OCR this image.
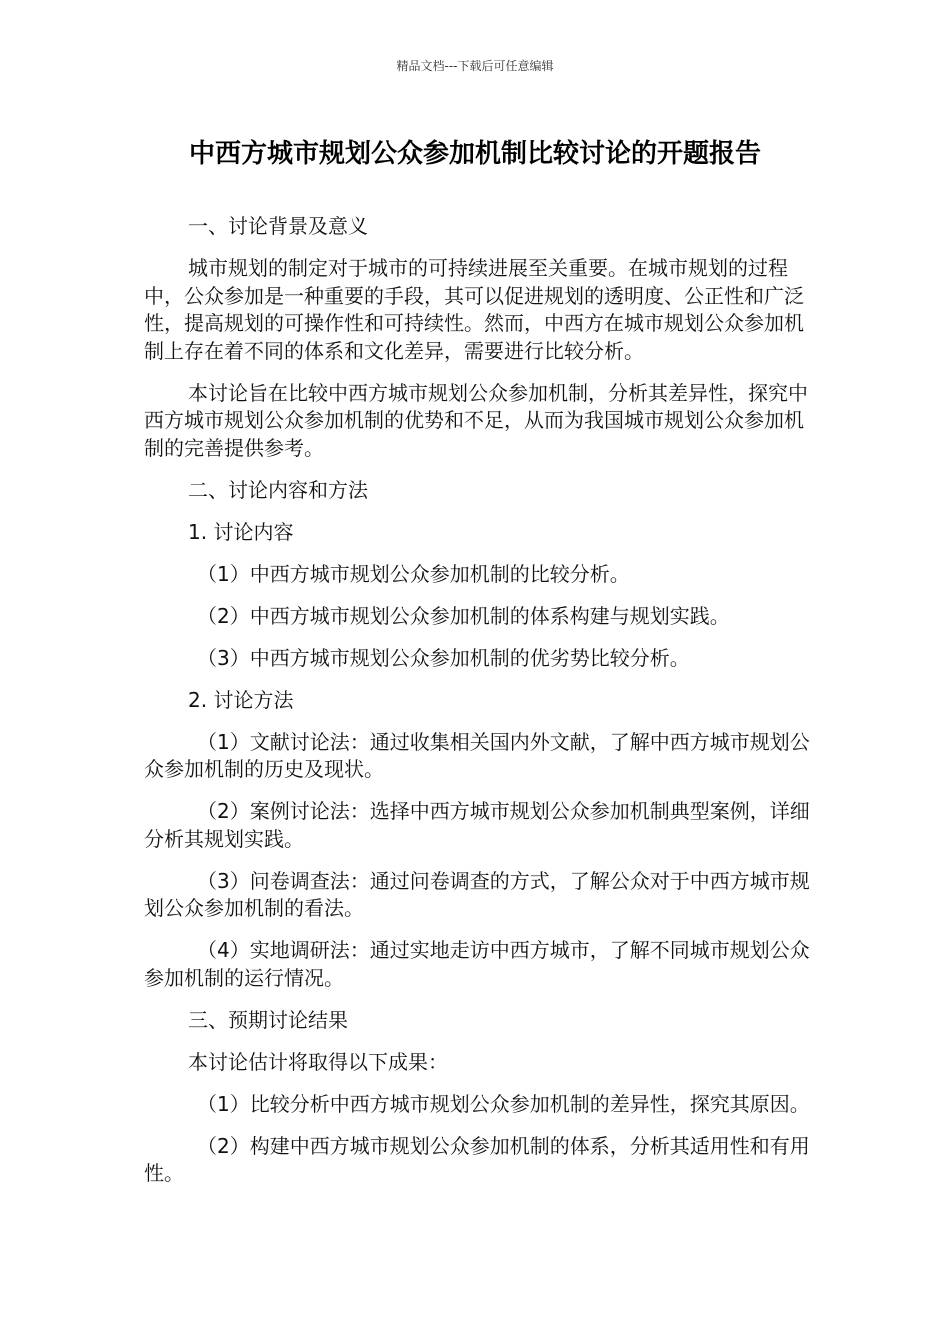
精品文档---下载后可任意编辑
中西方城市规划公众参加机制比较讨论的开题报告

一、讨论背景及意义

城市规划的制定对于城市的可持续进展至关重要。在城市规划的过程中，公众参加是一种重要的手段，其可以促进规划的透明度、公正性和广泛性，提高规划的可操作性和可持续性。然而，中西方在城市规划公众参加机制上存在着不同的体系和文化差异，需要进行比较分析。

本讨论旨在比较中西方城市规划公众参加机制，分析其差异性，探究中西方城市规划公众参加机制的优势和不足，从而为我国城市规划公众参加机制的完善提供参考。

二、讨论内容和方法

1. 讨论内容

（1）中西方城市规划公众参加机制的比较分析。

（2）中西方城市规划公众参加机制的体系构建与规划实践。

（3）中西方城市规划公众参加机制的优劣势比较分析。

2. 讨论方法

（1）文献讨论法：通过收集相关国内外文献，了解中西方城市规划公众参加机制的历史及现状。

（2）案例讨论法：选择中西方城市规划公众参加机制典型案例，详细分析其规划实践。

（3）问卷调查法：通过问卷调查的方式，了解公众对于中西方城市规划公众参加机制的看法。

（4）实地调研法：通过实地走访中西方城市，了解不同城市规划公众参加机制的运行情况。

三、预期讨论结果

本讨论估计将取得以下成果：

（1）比较分析中西方城市规划公众参加机制的差异性，探究其原因。

（2）构建中西方城市规划公众参加机制的体系，分析其适用性和有用性。
